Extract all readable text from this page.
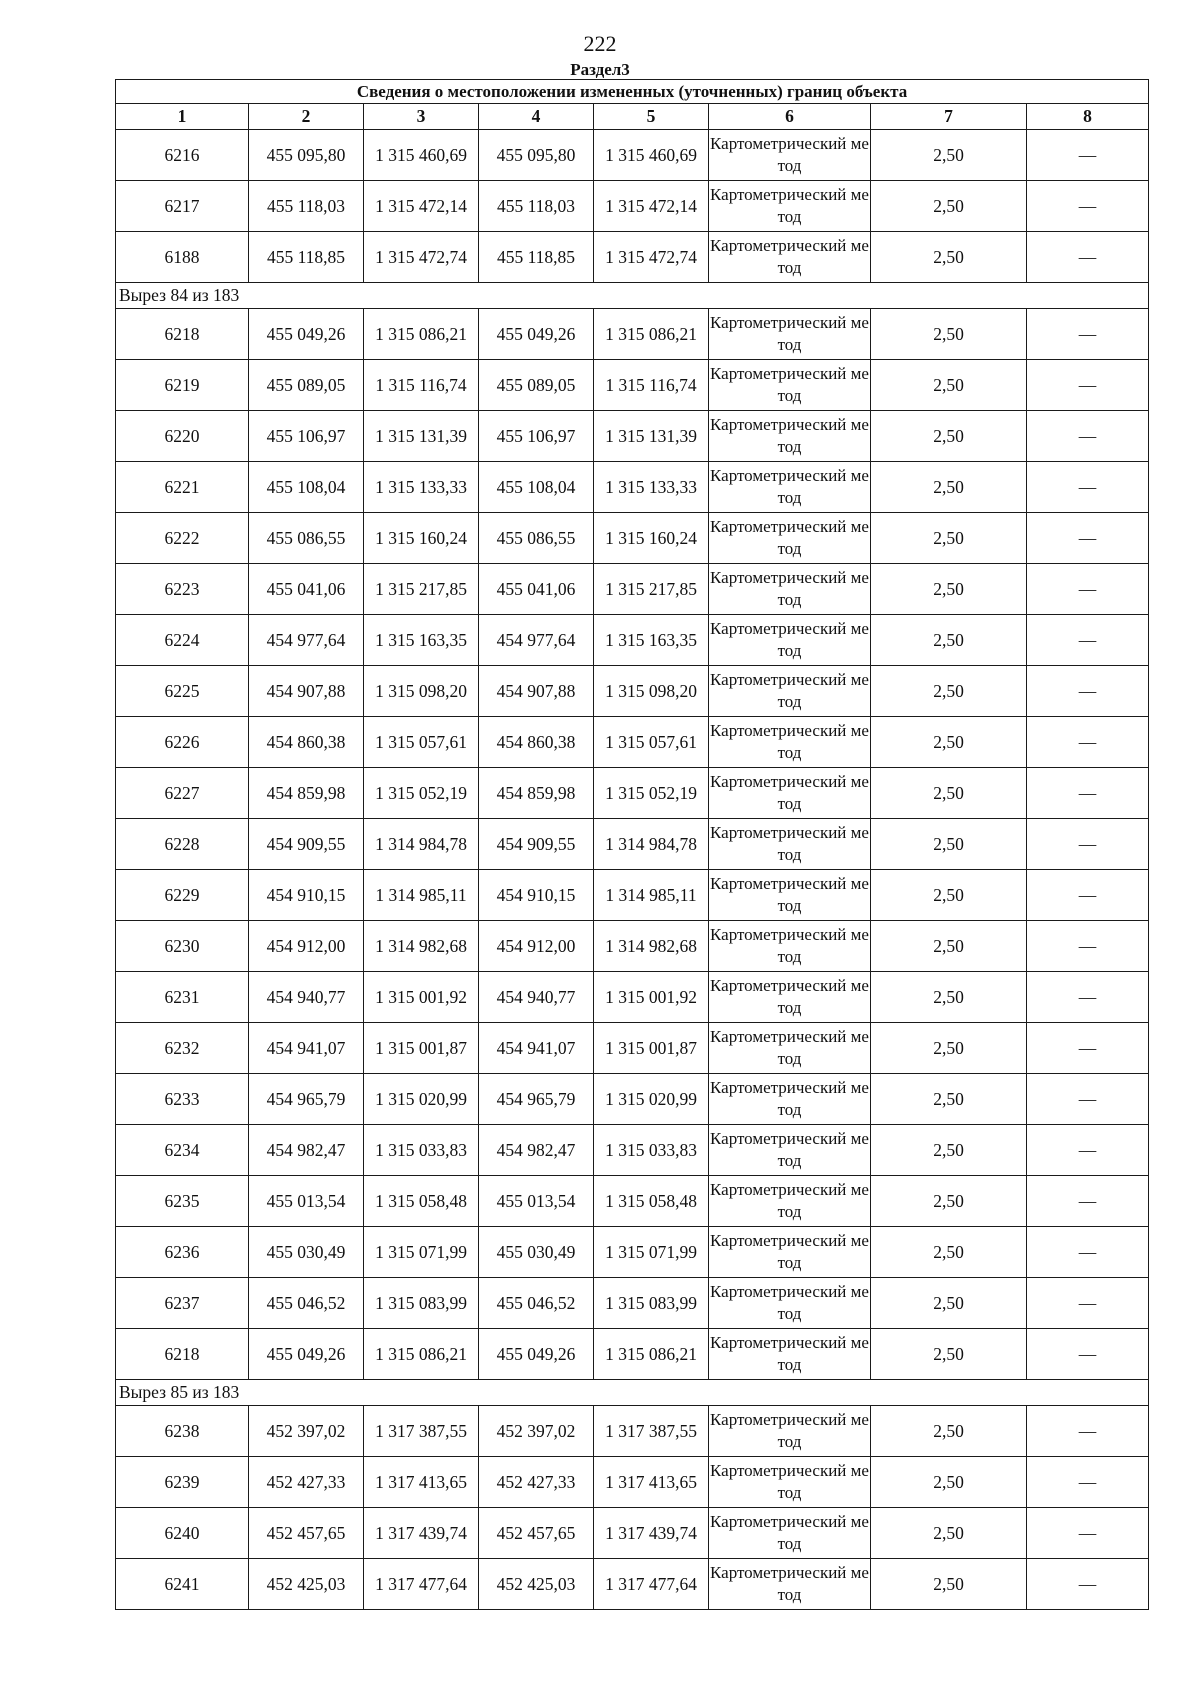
222
Раздел3
Сведения о местоположении измененных (уточненных) границ объекта							
1	2	3	4	5	6	7	8
6216	455 095,80	1 315 460,69	455 095,80	1 315 460,69	Картометрический метод	2,50	—
6217	455 118,03	1 315 472,14	455 118,03	1 315 472,14	Картометрический метод	2,50	—
6188	455 118,85	1 315 472,74	455 118,85	1 315 472,74	Картометрический метод	2,50	—
Вырез 84 из 183							
6218	455 049,26	1 315 086,21	455 049,26	1 315 086,21	Картометрический метод	2,50	—
6219	455 089,05	1 315 116,74	455 089,05	1 315 116,74	Картометрический метод	2,50	—
6220	455 106,97	1 315 131,39	455 106,97	1 315 131,39	Картометрический метод	2,50	—
6221	455 108,04	1 315 133,33	455 108,04	1 315 133,33	Картометрический метод	2,50	—
6222	455 086,55	1 315 160,24	455 086,55	1 315 160,24	Картометрический метод	2,50	—
6223	455 041,06	1 315 217,85	455 041,06	1 315 217,85	Картометрический метод	2,50	—
6224	454 977,64	1 315 163,35	454 977,64	1 315 163,35	Картометрический метод	2,50	—
6225	454 907,88	1 315 098,20	454 907,88	1 315 098,20	Картометрический метод	2,50	—
6226	454 860,38	1 315 057,61	454 860,38	1 315 057,61	Картометрический метод	2,50	—
6227	454 859,98	1 315 052,19	454 859,98	1 315 052,19	Картометрический метод	2,50	—
6228	454 909,55	1 314 984,78	454 909,55	1 314 984,78	Картометрический метод	2,50	—
6229	454 910,15	1 314 985,11	454 910,15	1 314 985,11	Картометрический метод	2,50	—
6230	454 912,00	1 314 982,68	454 912,00	1 314 982,68	Картометрический метод	2,50	—
6231	454 940,77	1 315 001,92	454 940,77	1 315 001,92	Картометрический метод	2,50	—
6232	454 941,07	1 315 001,87	454 941,07	1 315 001,87	Картометрический метод	2,50	—
6233	454 965,79	1 315 020,99	454 965,79	1 315 020,99	Картометрический метод	2,50	—
6234	454 982,47	1 315 033,83	454 982,47	1 315 033,83	Картометрический метод	2,50	—
6235	455 013,54	1 315 058,48	455 013,54	1 315 058,48	Картометрический метод	2,50	—
6236	455 030,49	1 315 071,99	455 030,49	1 315 071,99	Картометрический метод	2,50	—
6237	455 046,52	1 315 083,99	455 046,52	1 315 083,99	Картометрический метод	2,50	—
6218	455 049,26	1 315 086,21	455 049,26	1 315 086,21	Картометрический метод	2,50	—
Вырез 85 из 183							
6238	452 397,02	1 317 387,55	452 397,02	1 317 387,55	Картометрический метод	2,50	—
6239	452 427,33	1 317 413,65	452 427,33	1 317 413,65	Картометрический метод	2,50	—
6240	452 457,65	1 317 439,74	452 457,65	1 317 439,74	Картометрический метод	2,50	—
6241	452 425,03	1 317 477,64	452 425,03	1 317 477,64	Картометрический метод	2,50	—
